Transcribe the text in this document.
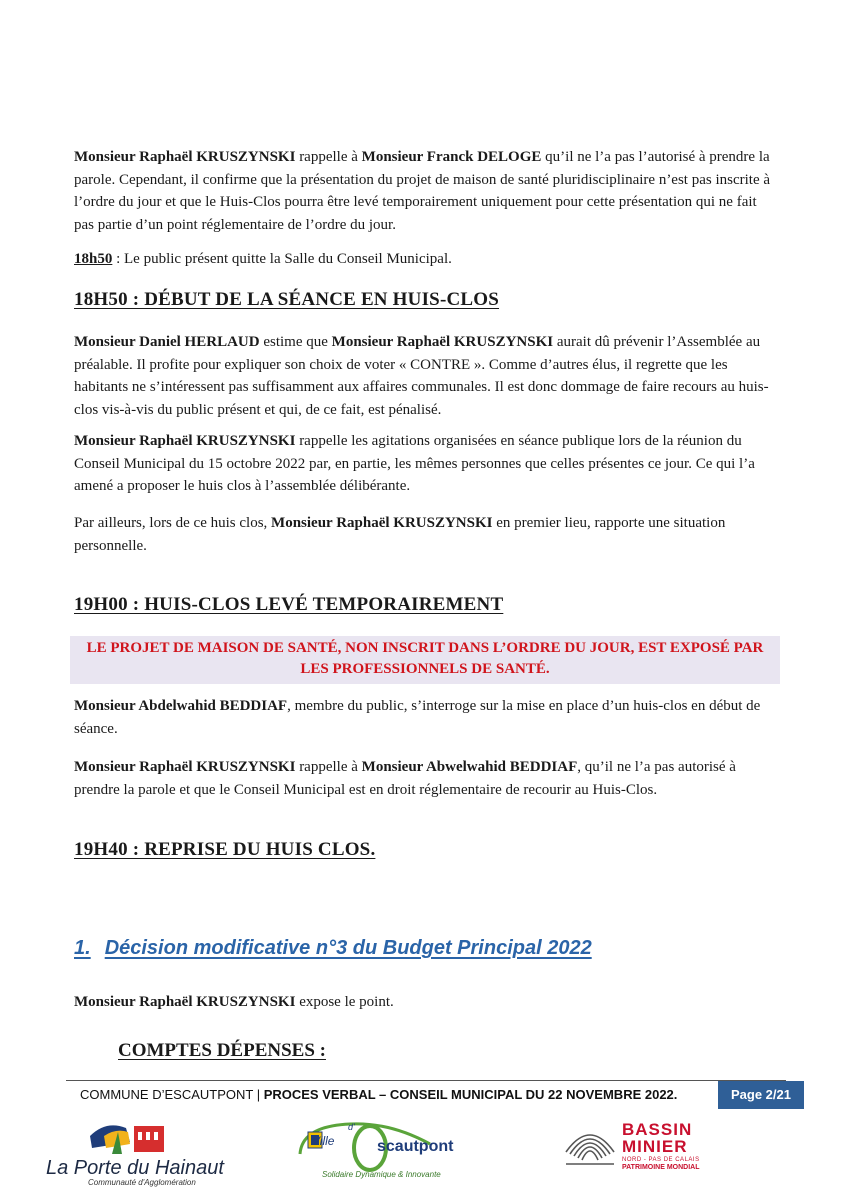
Monsieur Raphaël KRUSZYNSKI rappelle à Monsieur Franck DELOGE qu’il ne l’a pas l’autorisé à prendre la parole. Cependant, il confirme que la présentation du projet de maison de santé pluridisciplinaire n’est pas inscrite à l’ordre du jour et que le Huis-Clos pourra être levé temporairement uniquement pour cette présentation qui ne fait pas partie d’un point réglementaire de l’ordre du jour.

18h50 : Le public présent quitte la Salle du Conseil Municipal.

18H50 : DÉBUT DE LA SÉANCE EN HUIS-CLOS

Monsieur Daniel HERLAUD estime que Monsieur Raphaël KRUSZYNSKI aurait dû prévenir l’Assemblée au préalable. Il profite pour expliquer son choix de voter « CONTRE ». Comme d’autres élus, il regrette que les habitants ne s’intéressent pas suffisamment aux affaires communales. Il est donc dommage de faire recours au huis-clos vis-à-vis du public présent et qui, de ce fait, est pénalisé.

Monsieur Raphaël KRUSZYNSKI rappelle les agitations organisées en séance publique lors de la réunion du Conseil Municipal du 15 octobre 2022 par, en partie, les mêmes personnes que celles présentes ce jour. Ce qui l’a amené a proposer le huis clos à l’assemblée délibérante.

Par ailleurs, lors de ce huis clos, Monsieur Raphaël KRUSZYNSKI en premier lieu, rapporte une situation personnelle.

19H00 : HUIS-CLOS LEVÉ TEMPORAIREMENT
LE PROJET DE MAISON DE SANTÉ, NON INSCRIT DANS L’ORDRE DU JOUR, EST EXPOSÉ PAR
LES PROFESSIONNELS DE SANTÉ.

Monsieur Abdelwahid BEDDIAF, membre du public, s’interroge sur la mise en place d’un huis-clos en début de séance.

Monsieur Raphaël KRUSZYNSKI rappelle à Monsieur Abwelwahid BEDDIAF, qu’il ne l’a pas autorisé à prendre la parole et que le Conseil Municipal est en droit réglementaire de recourir au Huis-Clos.

19H40 : REPRISE DU HUIS CLOS.
1. Décision modificative n°3 du Budget Principal 2022

Monsieur Raphaël KRUSZYNSKI expose le point.

COMPTES DÉPENSES :
COMMUNE D’ESCAUTPONT | PROCES VERBAL – CONSEIL MUNICIPAL DU 22 NOVEMBRE 2022.	Page 2/21
La Porte du Hainaut
Communauté d'Agglomération
Ville
d'
scautpont
Solidaire Dynamique & Innovante
BASSIN
MINIER
NORD - PAS DE CALAIS
PATRIMOINE MONDIAL
